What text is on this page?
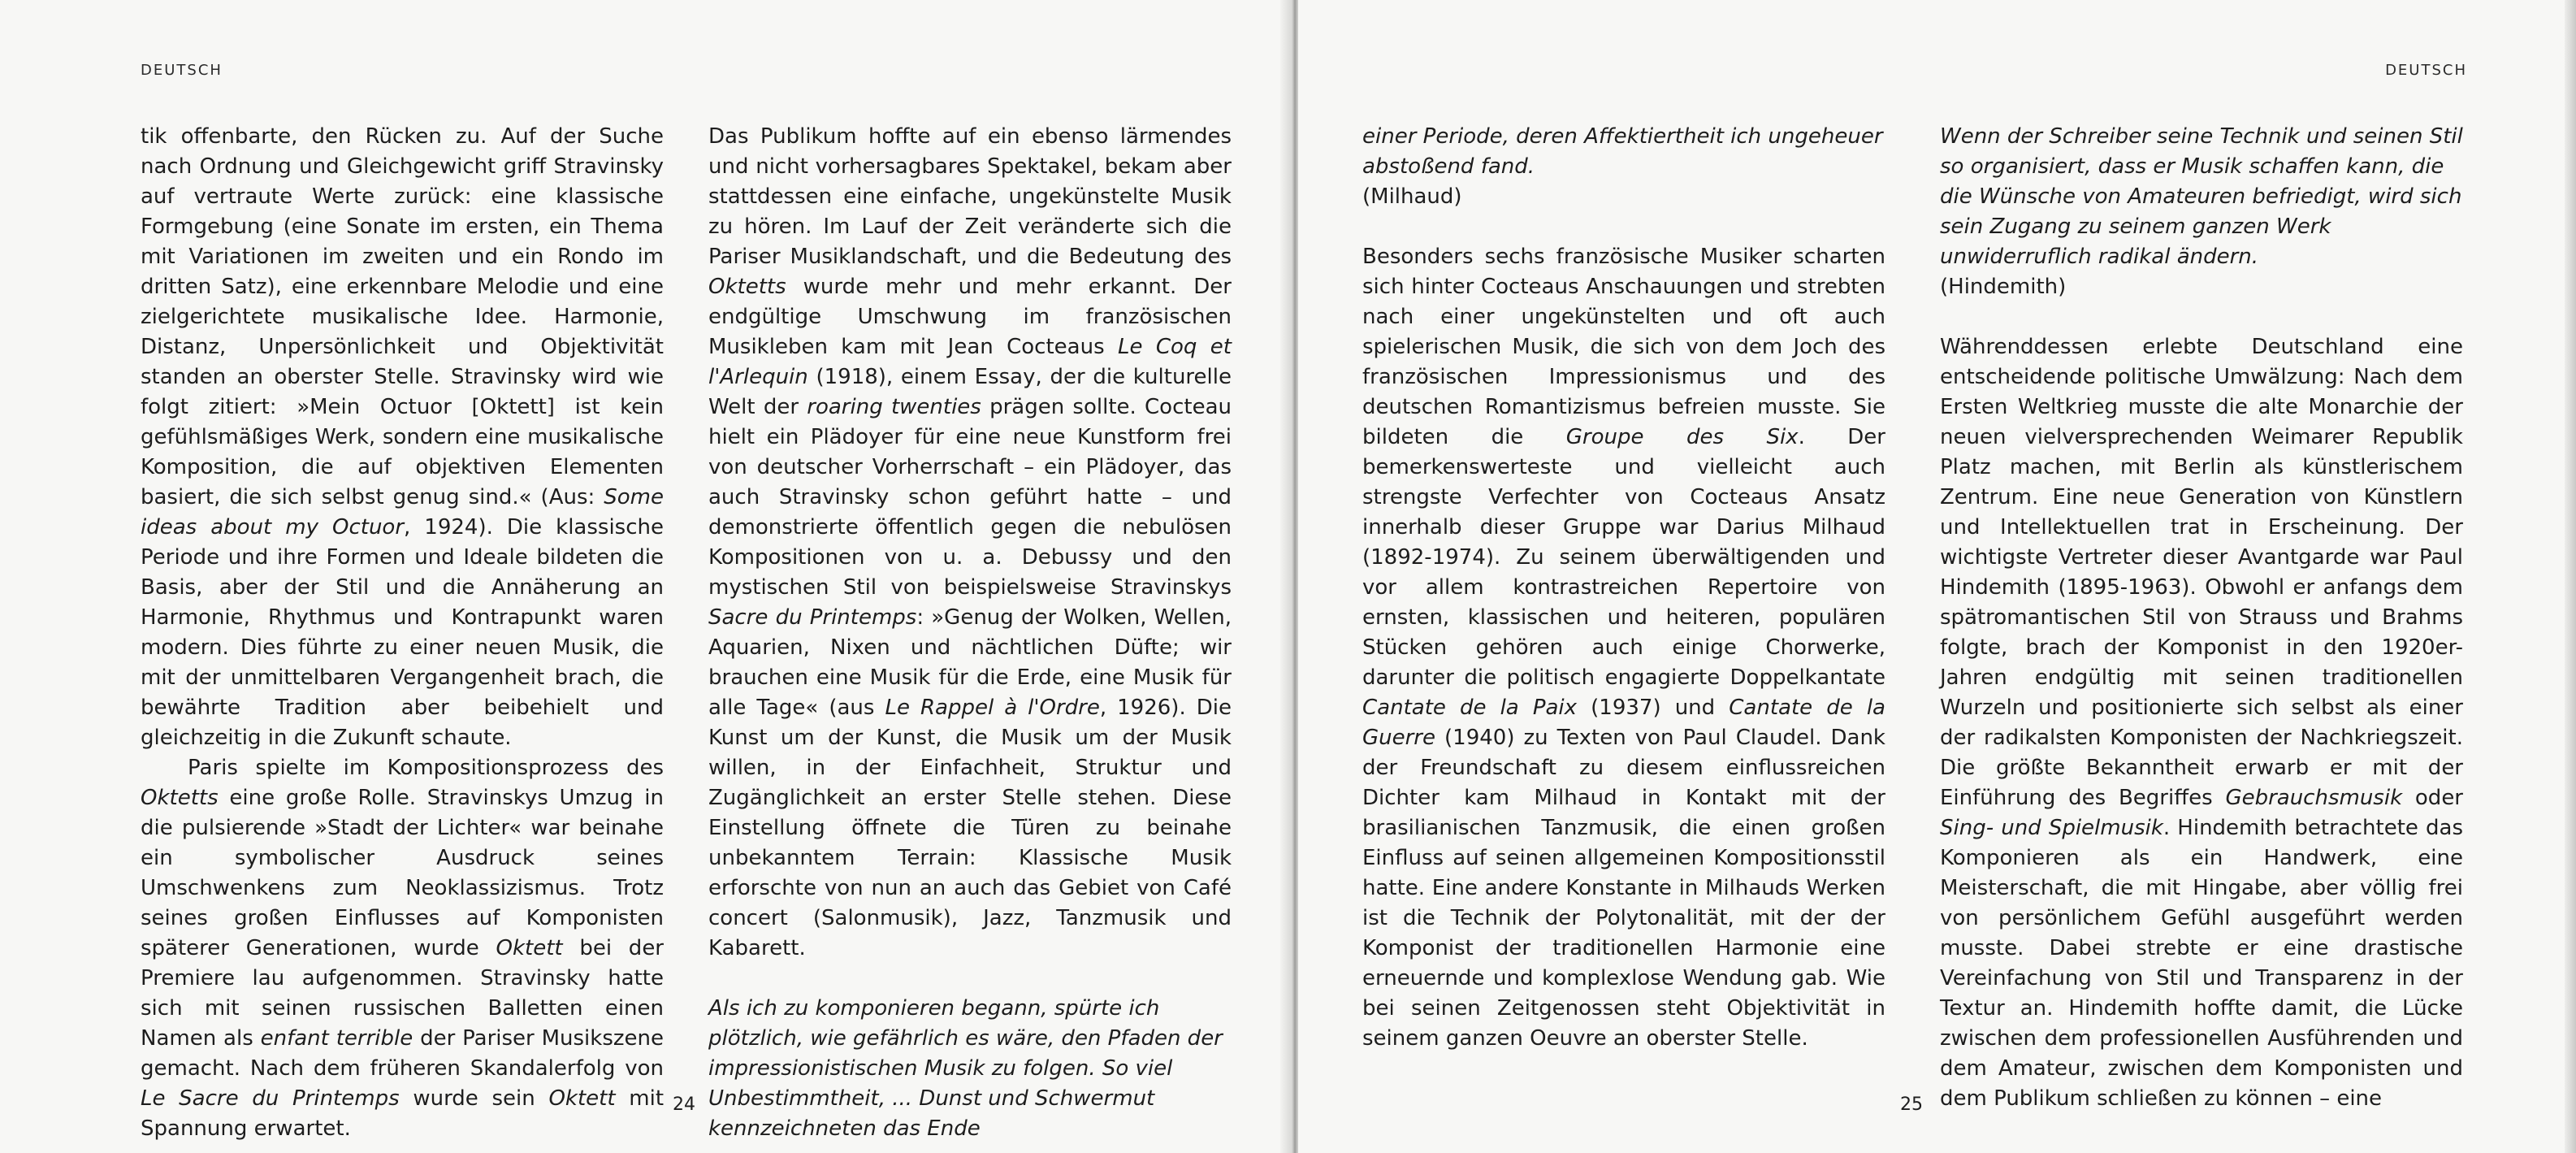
DEUTSCH

tik offenbarte, den Rücken zu. Auf der Suche nach Ordnung und Gleichgewicht griff Stravinsky auf vertraute Werte zurück: eine klassische Formgebung (eine Sonate im ersten, ein Thema mit Variationen im zweiten und ein Rondo im dritten Satz), eine erkennbare Melodie und eine zielgerichtete musikalische Idee. Harmonie, Distanz, Unpersönlichkeit und Objektivität standen an oberster Stelle. Stravinsky wird wie folgt zitiert: »Mein Octuor [Oktett] ist kein gefühlsmäßiges Werk, sondern eine musikalische Komposition, die auf objektiven Elementen basiert, die sich selbst genug sind.« (Aus: Some ideas about my Octuor, 1924). Die klassische Periode und ihre Formen und Ideale bildeten die Basis, aber der Stil und die Annäherung an Harmonie, Rhythmus und Kontrapunkt waren modern. Dies führte zu einer neuen Musik, die mit der unmittelbaren Vergangenheit brach, die bewährte Tradition aber beibehielt und gleichzeitig in die Zukunft schaute.

Paris spielte im Kompositionsprozess des Oktetts eine große Rolle. Stravinskys Umzug in die pulsierende »Stadt der Lichter« war beinahe ein symbolischer Ausdruck seines Umschwenkens zum Neoklassizismus. Trotz seines großen Einflusses auf Komponisten späterer Generationen, wurde Oktett bei der Premiere lau aufgenommen. Stravinsky hatte sich mit seinen russischen Balletten einen Namen als enfant terrible der Pariser Musikszene gemacht. Nach dem früheren Skandalerfolg von Le Sacre du Printemps wurde sein Oktett mit Spannung erwartet.

Das Publikum hoffte auf ein ebenso lärmendes und nicht vorhersagbares Spektakel, bekam aber stattdessen eine einfache, ungekünstelte Musik zu hören. Im Lauf der Zeit veränderte sich die Pariser Musiklandschaft, und die Bedeutung des Oktetts wurde mehr und mehr erkannt. Der endgültige Umschwung im französischen Musikleben kam mit Jean Cocteaus Le Coq et l'Arlequin (1918), einem Essay, der die kulturelle Welt der roaring twenties prägen sollte. Cocteau hielt ein Plädoyer für eine neue Kunstform frei von deutscher Vorherrschaft – ein Plädoyer, das auch Stravinsky schon geführt hatte – und demonstrierte öffentlich gegen die nebulösen Kompositionen von u. a. Debussy und den mystischen Stil von beispielsweise Stravinskys Sacre du Printemps: »Genug der Wolken, Wellen, Aquarien, Nixen und nächtlichen Düfte; wir brauchen eine Musik für die Erde, eine Musik für alle Tage« (aus Le Rappel à l'Ordre, 1926). Die Kunst um der Kunst, die Musik um der Musik willen, in der Einfachheit, Struktur und Zugänglichkeit an erster Stelle stehen. Diese Einstellung öffnete die Türen zu beinahe unbekanntem Terrain: Klassische Musik erforschte von nun an auch das Gebiet von Café concert (Salonmusik), Jazz, Tanzmusik und Kabarett.

Als ich zu komponieren begann, spürte ich plötzlich, wie gefährlich es wäre, den Pfaden der impressionistischen Musik zu folgen. So viel Unbestimmtheit, ... Dunst und Schwermut kennzeichneten das Ende

24
DEUTSCH

einer Periode, deren Affektiertheit ich ungeheuer abstoßend fand.

(Milhaud)

Besonders sechs französische Musiker scharten sich hinter Cocteaus Anschauungen und strebten nach einer ungekünstelten und oft auch spielerischen Musik, die sich von dem Joch des französischen Impressionismus und des deutschen Romantizismus befreien musste. Sie bildeten die Groupe des Six. Der bemerkenswerteste und vielleicht auch strengste Verfechter von Cocteaus Ansatz innerhalb dieser Gruppe war Darius Milhaud (1892-1974). Zu seinem überwältigenden und vor allem kontrastreichen Repertoire von ernsten, klassischen und heiteren, populären Stücken gehören auch einige Chorwerke, darunter die politisch engagierte Doppelkantate Cantate de la Paix (1937) und Cantate de la Guerre (1940) zu Texten von Paul Claudel. Dank der Freundschaft zu diesem einflussreichen Dichter kam Milhaud in Kontakt mit der brasilianischen Tanzmusik, die einen großen Einfluss auf seinen allgemeinen Kompositionsstil hatte. Eine andere Konstante in Milhauds Werken ist die Technik der Polytonalität, mit der der Komponist der traditionellen Harmonie eine erneuernde und komplexlose Wendung gab. Wie bei seinen Zeitgenossen steht Objektivität in seinem ganzen Oeuvre an oberster Stelle.

Wenn der Schreiber seine Technik und seinen Stil so organisiert, dass er Musik schaffen kann, die die Wünsche von Amateuren befriedigt, wird sich sein Zugang zu seinem ganzen Werk unwiderruflich radikal ändern.

(Hindemith)

Währenddessen erlebte Deutschland eine entscheidende politische Umwälzung: Nach dem Ersten Weltkrieg musste die alte Monarchie der neuen vielversprechenden Weimarer Republik Platz machen, mit Berlin als künstlerischem Zentrum. Eine neue Generation von Künstlern und Intellektuellen trat in Erscheinung. Der wichtigste Vertreter dieser Avantgarde war Paul Hindemith (1895-1963). Obwohl er anfangs dem spätromantischen Stil von Strauss und Brahms folgte, brach der Komponist in den 1920er-Jahren endgültig mit seinen traditionellen Wurzeln und positionierte sich selbst als einer der radikalsten Komponisten der Nachkriegszeit. Die größte Bekanntheit erwarb er mit der Einführung des Begriffes Gebrauchsmusik oder Sing- und Spielmusik. Hindemith betrachtete das Komponieren als ein Handwerk, eine Meisterschaft, die mit Hingabe, aber völlig frei von persönlichem Gefühl ausgeführt werden musste. Dabei strebte er eine drastische Vereinfachung von Stil und Transparenz in der Textur an. Hindemith hoffte damit, die Lücke zwischen dem professionellen Ausführenden und dem Amateur, zwischen dem Komponisten und dem Publikum schließen zu können – eine

25
